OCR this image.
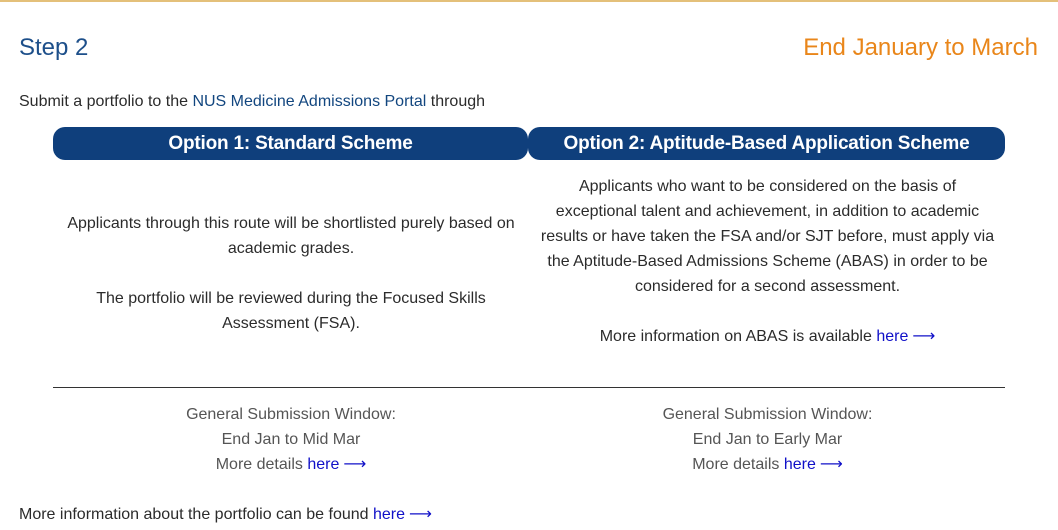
Step 2	End January to March

Submit a portfolio to the NUS Medicine Admissions Portal through

Option 1: Standard Scheme	Option 2: Aptitude-Based Application Scheme

Applicants through this route will be shortlisted purely based on academic grades.

The portfolio will be reviewed during the Focused Skills Assessment (FSA).

Applicants who want to be considered on the basis of exceptional talent and achievement, in addition to academic results or have taken the FSA and/or SJT before, must apply via the Aptitude-Based Admissions Scheme (ABAS) in order to be considered for a second assessment.

More information on ABAS is available here ⟶

General Submission Window:

End Jan to Mid Mar

More details here ⟶

General Submission Window:

End Jan to Early Mar

More details here ⟶

More information about the portfolio can be found here ⟶
